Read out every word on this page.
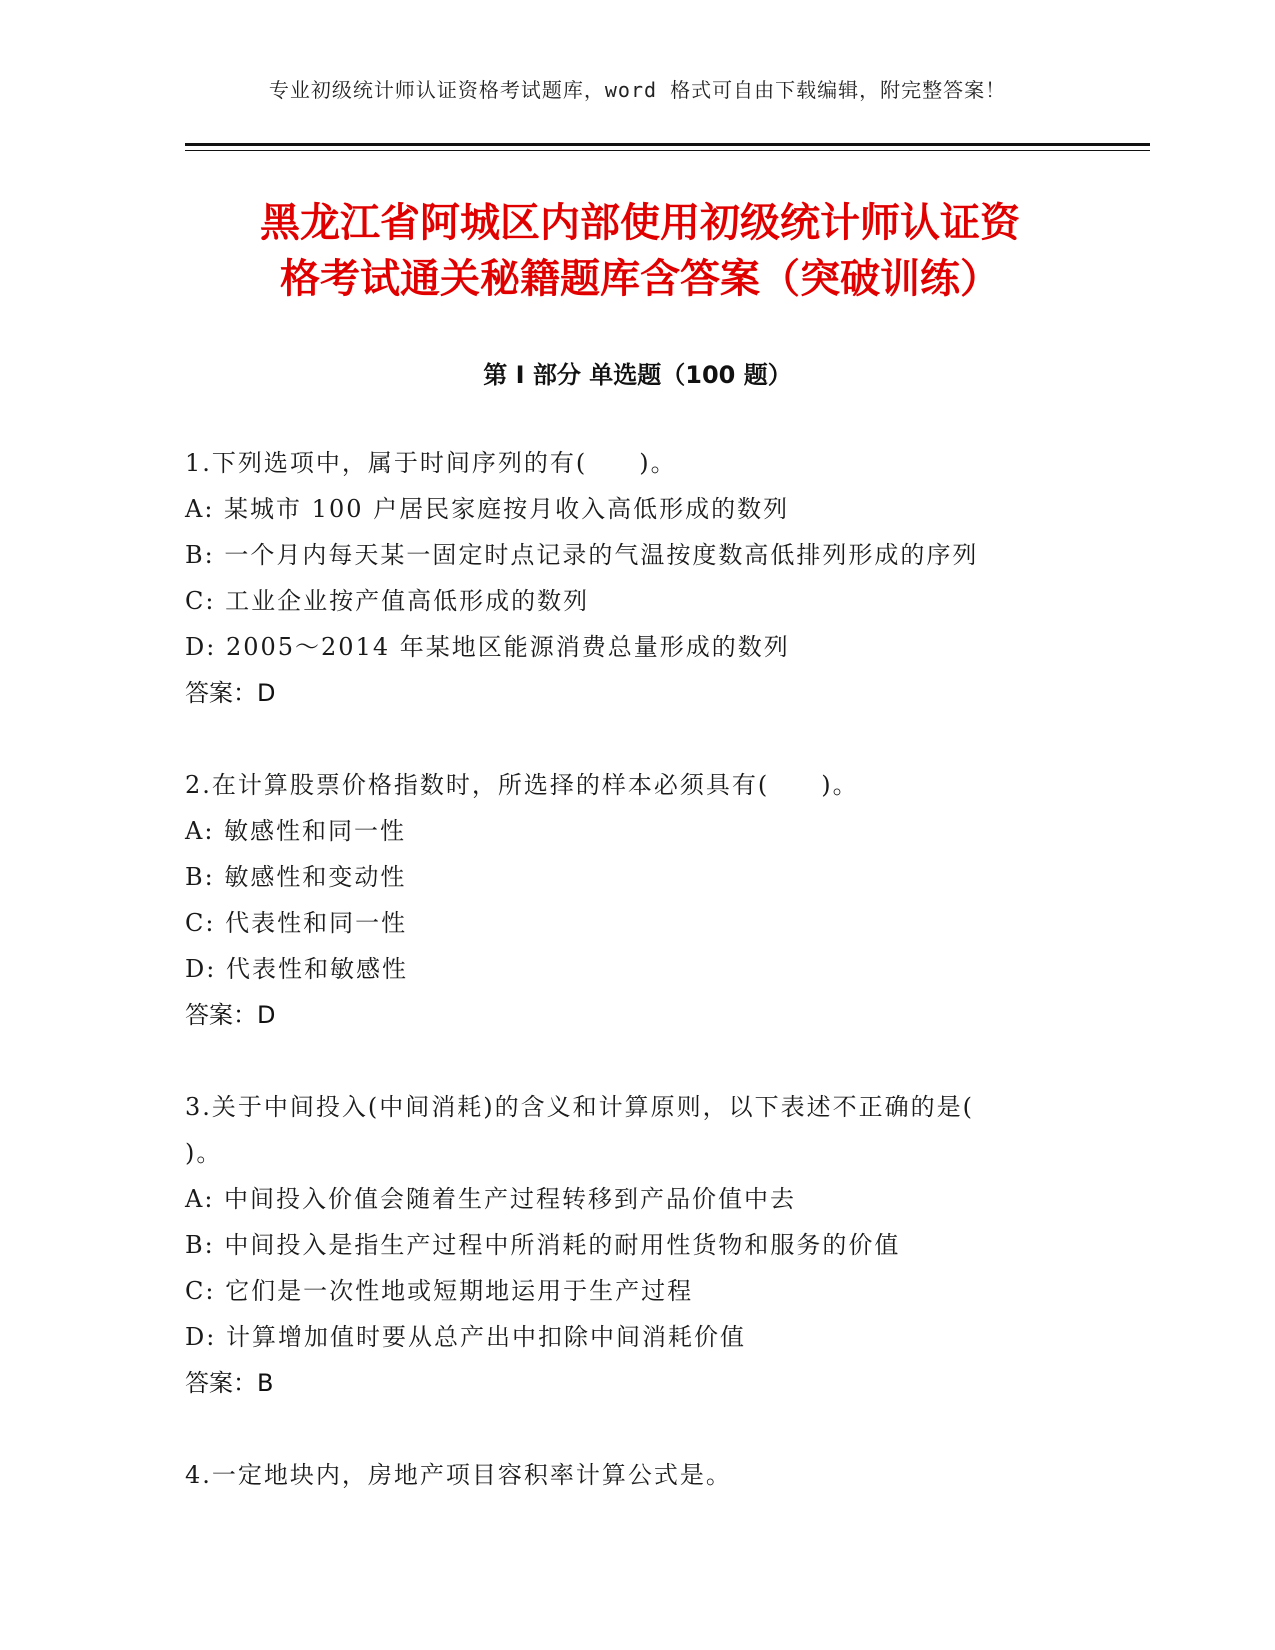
专业初级统计师认证资格考试题库，word 格式可自由下载编辑，附完整答案！
黑龙江省阿城区内部使用初级统计师认证资
格考试通关秘籍题库含答案（突破训练）
第 I 部分 单选题（100 题）

1.下列选项中，属于时间序列的有(　　)。

A: 某城市 100 户居民家庭按月收入高低形成的数列

B: 一个月内每天某一固定时点记录的气温按度数高低排列形成的序列

C: 工业企业按产值高低形成的数列

D: 2005～2014 年某地区能源消费总量形成的数列

答案：D

2.在计算股票价格指数时，所选择的样本必须具有(　　)。

A: 敏感性和同一性

B: 敏感性和变动性

C: 代表性和同一性

D: 代表性和敏感性

答案：D

3.关于中间投入(中间消耗)的含义和计算原则，以下表述不正确的是(

)。

A: 中间投入价值会随着生产过程转移到产品价值中去

B: 中间投入是指生产过程中所消耗的耐用性货物和服务的价值

C: 它们是一次性地或短期地运用于生产过程

D: 计算增加值时要从总产出中扣除中间消耗价值

答案：B

4.一定地块内，房地产项目容积率计算公式是。
